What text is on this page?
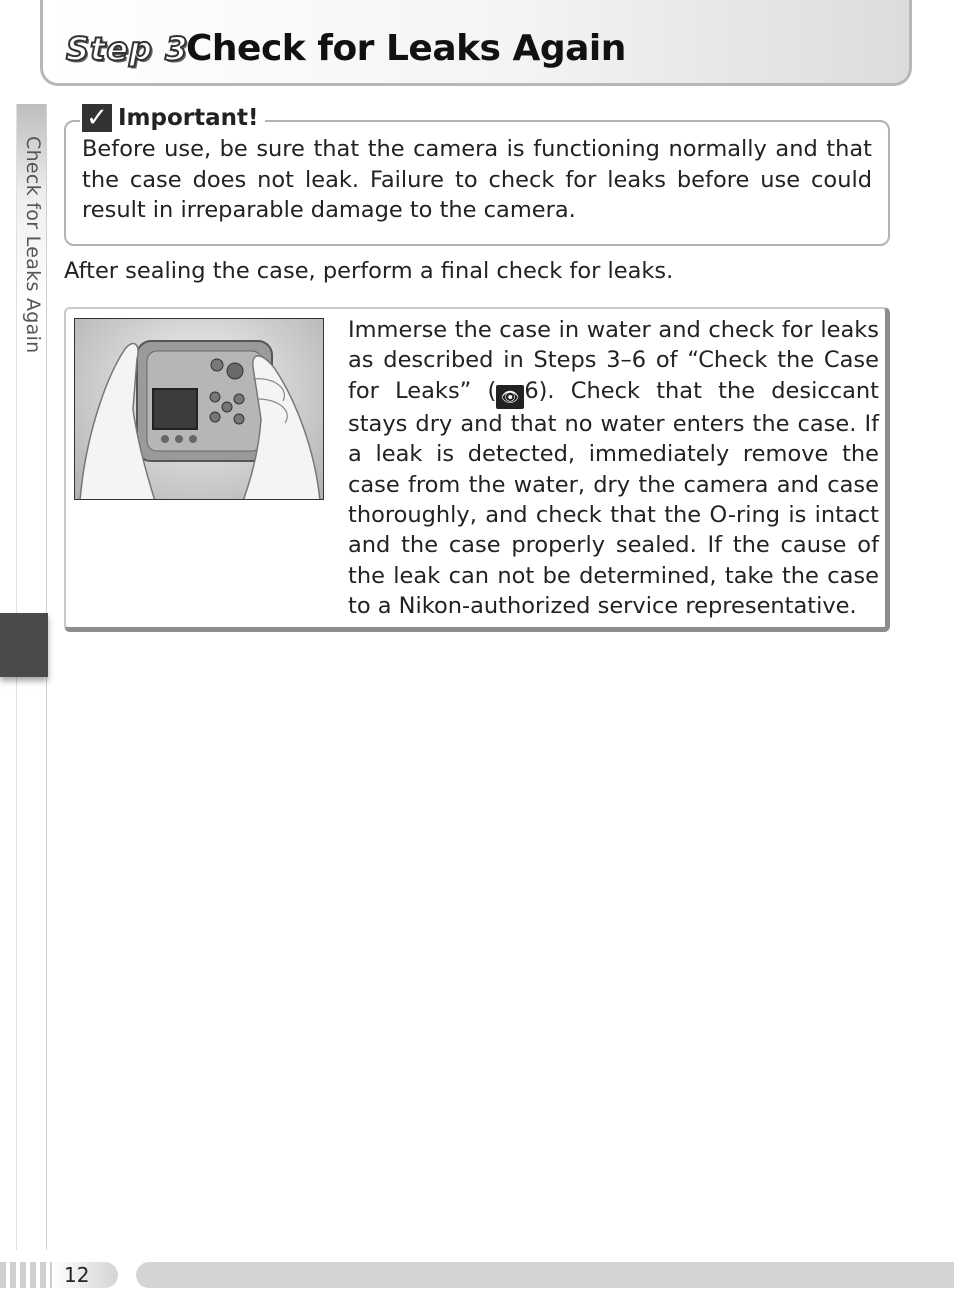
Step 3
Check for Leaks Again
Check for Leaks Again
✓ Important!
Before use, be sure that the camera is functioning normally and that the case does not leak. Failure to check for leaks before use could result in irreparable damage to the camera.
After sealing the case, perform a final check for leaks.
Immerse the case in water and check for leaks as described in Steps 3–6 of “Check the Case for Leaks” ( 👁 6). Check that the desiccant stays dry and that no water enters the case. If a leak is detected, immediately remove the case from the water, dry the camera and case thoroughly, and check that the O-ring is intact and the case properly sealed. If the cause of the leak can not be determined, take the case to a Nikon-authorized service representative.
12
